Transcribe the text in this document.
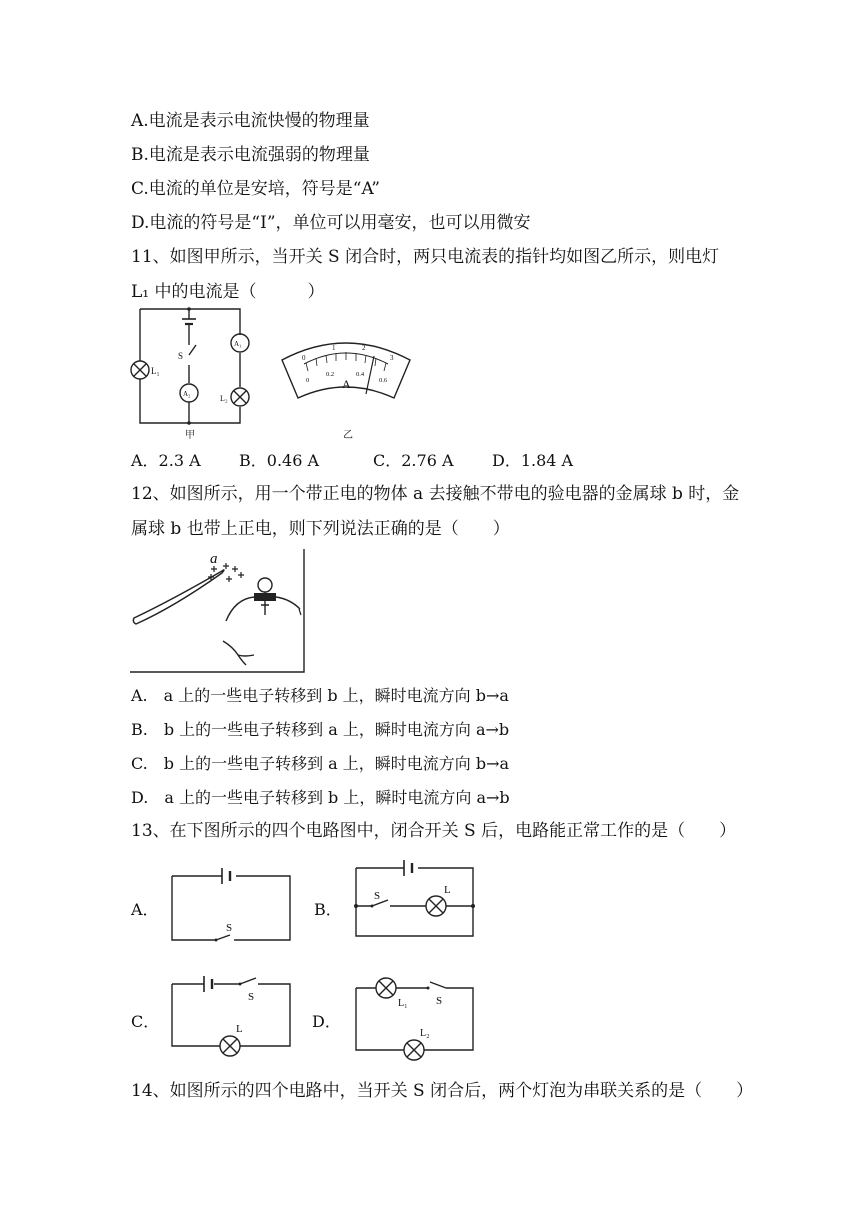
A.电流是表示电流快慢的物理量
B.电流是表示电流强弱的物理量
C.电流的单位是安培，符号是“A”
D.电流的符号是“I”，单位可以用毫安，也可以用微安
11、如图甲所示，当开关 S 闭合时，两只电流表的指针均如图乙所示，则电灯
L₁ 中的电流是（　　　）
L₁
S
A₁
A₂	L₂
甲
0
1	2
3
0
0.2	0.4
0.6
A
乙
A．2.3 A B．0.46 A	C．2.76 A D．1.84 A
12、如图所示，用一个带正电的物体 a 去接触不带电的验电器的金属球 b 时，金
属球 b 也带上正电，则下列说法正确的是（　　）
a
A.　a 上的一些电子转移到 b 上，瞬时电流方向 b→a
B.　b 上的一些电子转移到 a 上，瞬时电流方向 a→b
C.　b 上的一些电子转移到 a 上，瞬时电流方向 b→a
D.　a 上的一些电子转移到 b 上，瞬时电流方向 a→b
13、在下图所示的四个电路图中，闭合开关 S 后，电路能正常工作的是（　　）
A．	B．
C．	D．
S
S	L
S
L
L₁	S
L₂
14、如图所示的四个电路中，当开关 S 闭合后，两个灯泡为串联关系的是（　　）
